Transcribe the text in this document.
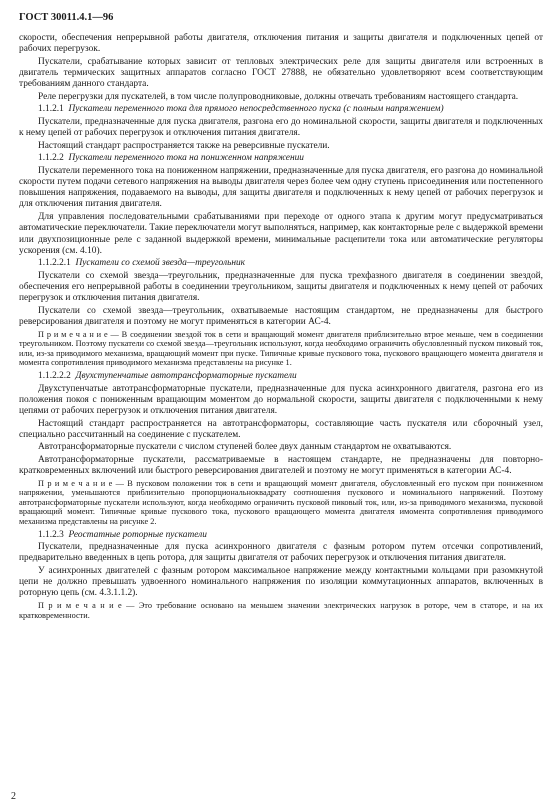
ГОСТ 30011.4.1—96

скорости, обеспечения непрерывной работы двигателя, отключения питания и защиты двигателя и подключенных цепей от рабочих перегрузок.

Пускатели, срабатывание которых зависит от тепловых электрических реле для защиты двигателя или встроенных в двигатель термических защитных аппаратов согласно ГОСТ 27888, не обязательно удовлетворяют всем соответствующим требованиям данного стандарта.

Реле перегрузки для пускателей, в том числе полупроводниковые, должны отвечать требованиям настоящего стандарта.

1.1.2.1 Пускатели переменного тока для прямого непосредственного пуска (с полным напряжением)

Пускатели, предназначенные для пуска двигателя, разгона его до номинальной скорости, защиты двигателя и подключенных к нему цепей от рабочих перегрузок и отключения питания двигателя.

Настоящий стандарт распространяется также на реверсивные пускатели.

1.1.2.2 Пускатели переменного тока на пониженном напряжении

Пускатели переменного тока на пониженном напряжении, предназначенные для пуска двигателя, его разгона до номинальной скорости путем подачи сетевого напряжения на выводы двигателя через более чем одну ступень присоединения или постепенного повышения напряжения, подаваемого на выводы, для защиты двигателя и подключенных к нему цепей от рабочих перегрузок и для отключения питания двигателя.

Для управления последовательными срабатываниями при переходе от одного этапа к другим могут предусматриваться автоматические переключатели. Такие переключатели могут выполняться, например, как контакторные реле с выдержкой времени или двухпозиционные реле с заданной выдержкой времени, минимальные расцепители тока или автоматические регуляторы ускорения (см. 4.10).

1.1.2.2.1 Пускатели со схемой звезда—треугольник

Пускатели со схемой звезда—треугольник, предназначенные для пуска трехфазного двигателя в соединении звездой, обеспечения его непрерывной работы в соединении треугольником, защиты двигателя и подключенных к нему цепей от рабочих перегрузок и отключения питания двигателя.

Пускатели со схемой звезда—треугольник, охватываемые настоящим стандартом, не предназначены для быстрого реверсирования двигателя и поэтому не могут применяться в категории АС-4.

П р и м е ч а н и е — В соединении звездой ток в сети и вращающий момент двигателя приблизительно втрое меньше, чем в соединении треугольником. Поэтому пускатели со схемой звезда—треугольник используют, когда необходимо ограничить обусловленный пуском пиковый ток, или, из-за приводимого механизма, вращающий момент при пуске. Типичные кривые пускового тока, пускового вращающего момента двигателя и момента сопротивления приводимого механизма представлены на рисунке 1.

1.1.2.2.2 Двухступенчатые автотрансформаторные пускатели

Двухступенчатые автотрансформаторные пускатели, предназначенные для пуска асинхронного двигателя, разгона его из положения покоя с пониженным вращающим моментом до нормальной скорости, защиты двигателя с подключенными к нему цепями от рабочих перегрузок и отключения питания двигателя.

Настоящий стандарт распространяется на автотрансформаторы, составляющие часть пускателя или сборочный узел, специально рассчитанный на соединение с пускателем.

Автотрансформаторные пускатели с числом ступеней более двух данным стандартом не охватываются.

Автотрансформаторные пускатели, рассматриваемые в настоящем стандарте, не предназначены для повторно-кратковременных включений или быстрого реверсирования двигателей и поэтому не могут применяться в категории АС-4.

П р и м е ч а н и е — В пусковом положении ток в сети и вращающий момент двигателя, обусловленный его пуском при пониженном напряжении, уменьшаются приблизительно пропорциональноквадрату соотношения пускового и номинального напряжений. Поэтому автотрансформаторные пускатели используют, когда необходимо ограничить пусковой пиковый ток, или, из-за приводимого механизма, пусковой вращающий момент. Типичные кривые пускового тока, пускового вращающего момента двигателя имомента сопротивления приводимого механизма представлены на рисунке 2.

1.1.2.3 Реостатные роторные пускатели

Пускатели, предназначенные для пуска асинхронного двигателя с фазным ротором путем отсечки сопротивлений, предварительно введенных в цепь ротора, для защиты двигателя от рабочих перегрузок и отключения питания двигателя.

У асинхронных двигателей с фазным ротором максимальное напряжение между контактными кольцами при разомкнутой цепи не должно превышать удвоенного номинального напряжения по изоляции коммутационных аппаратов, включенных в роторную цепь (см. 4.3.1.1.2).

П р и м е ч а н и е — Это требование основано на меньшем значении электрических нагрузок в роторе, чем в статоре, и на их кратковременности.

2
